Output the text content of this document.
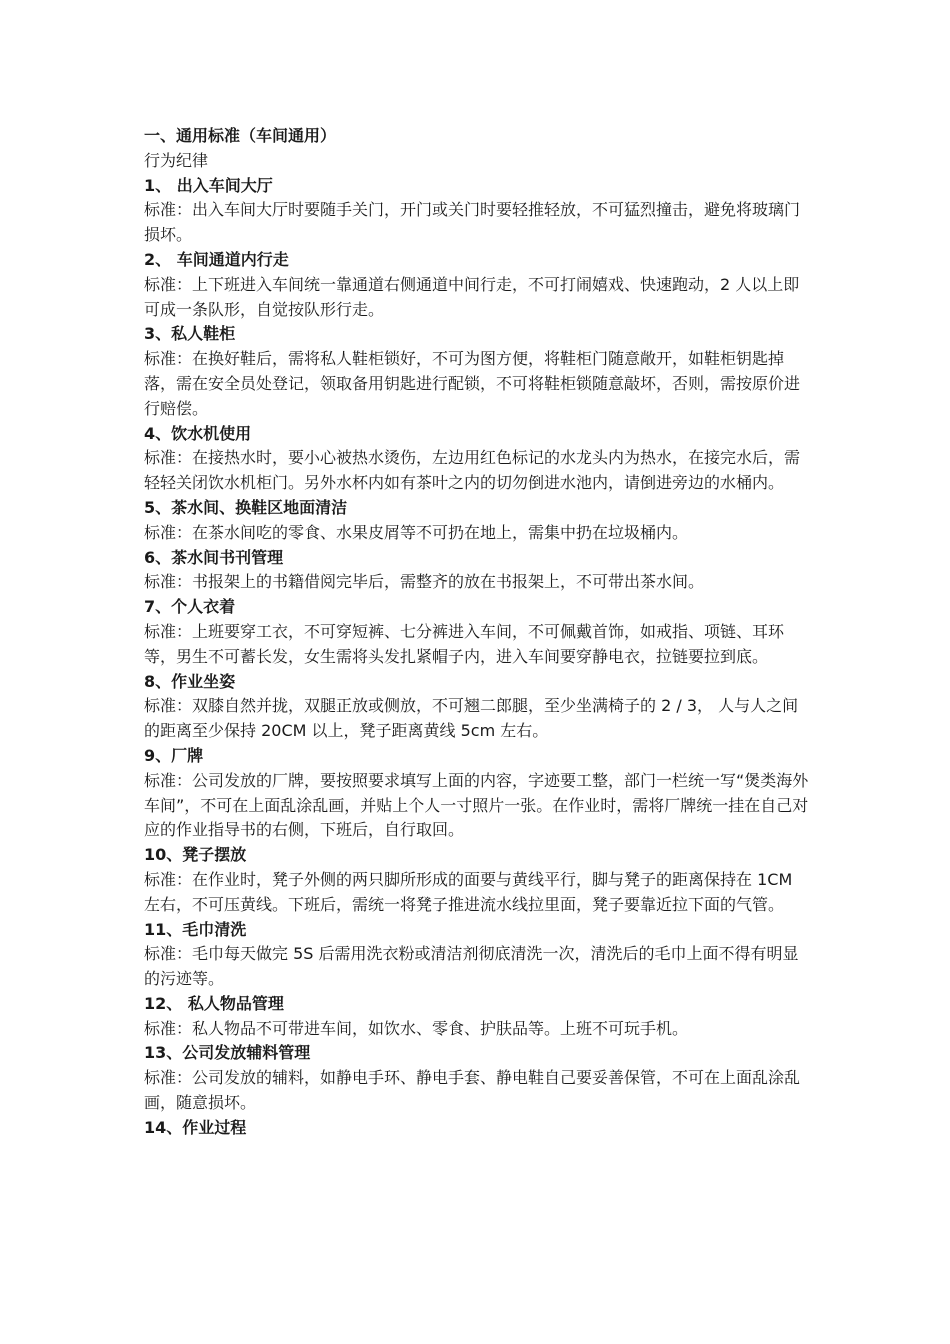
一、通用标准（车间通用）

行为纪律

1、 出入车间大厅

标准：出入车间大厅时要随手关门，开门或关门时要轻推轻放，不可猛烈撞击，避免将玻璃门损坏。

2、 车间通道内行走

标准：上下班进入车间统一靠通道右侧通道中间行走，不可打闹嬉戏、快速跑动，2 人以上即可成一条队形，自觉按队形行走。

3、私人鞋柜

标准：在换好鞋后，需将私人鞋柜锁好，不可为图方便，将鞋柜门随意敞开，如鞋柜钥匙掉落，需在安全员处登记，领取备用钥匙进行配锁，不可将鞋柜锁随意敲坏，否则，需按原价进行赔偿。

4、饮水机使用

标准：在接热水时，要小心被热水烫伤，左边用红色标记的水龙头内为热水，在接完水后，需轻轻关闭饮水机柜门。另外水杯内如有茶叶之内的切勿倒进水池内，请倒进旁边的水桶内。

5、茶水间、换鞋区地面清洁

标准：在茶水间吃的零食、水果皮屑等不可扔在地上，需集中扔在垃圾桶内。

6、茶水间书刊管理

标准：书报架上的书籍借阅完毕后，需整齐的放在书报架上，不可带出茶水间。

7、个人衣着

标准：上班要穿工衣，不可穿短裤、七分裤进入车间，不可佩戴首饰，如戒指、项链、耳环等，男生不可蓄长发，女生需将头发扎紧帽子内，进入车间要穿静电衣，拉链要拉到底。

8、作业坐姿

标准：双膝自然并拢，双腿正放或侧放，不可翘二郎腿，至少坐满椅子的 2 / 3， 人与人之间的距离至少保持 20CM 以上，凳子距离黄线 5cm 左右。

9、厂牌

标准：公司发放的厂牌，要按照要求填写上面的内容，字迹要工整，部门一栏统一写“煲类海外车间”，不可在上面乱涂乱画，并贴上个人一寸照片一张。在作业时，需将厂牌统一挂在自己对应的作业指导书的右侧，下班后，自行取回。

10、凳子摆放

标准：在作业时，凳子外侧的两只脚所形成的面要与黄线平行，脚与凳子的距离保持在 1CM 左右，不可压黄线。下班后，需统一将凳子推进流水线拉里面，凳子要靠近拉下面的气管。

11、毛巾清洗

标准：毛巾每天做完 5S 后需用洗衣粉或清洁剂彻底清洗一次，清洗后的毛巾上面不得有明显的污迹等。

12、 私人物品管理

标准：私人物品不可带进车间，如饮水、零食、护肤品等。上班不可玩手机。

13、公司发放辅料管理

标准：公司发放的辅料，如静电手环、静电手套、静电鞋自己要妥善保管，不可在上面乱涂乱画，随意损坏。

14、作业过程
